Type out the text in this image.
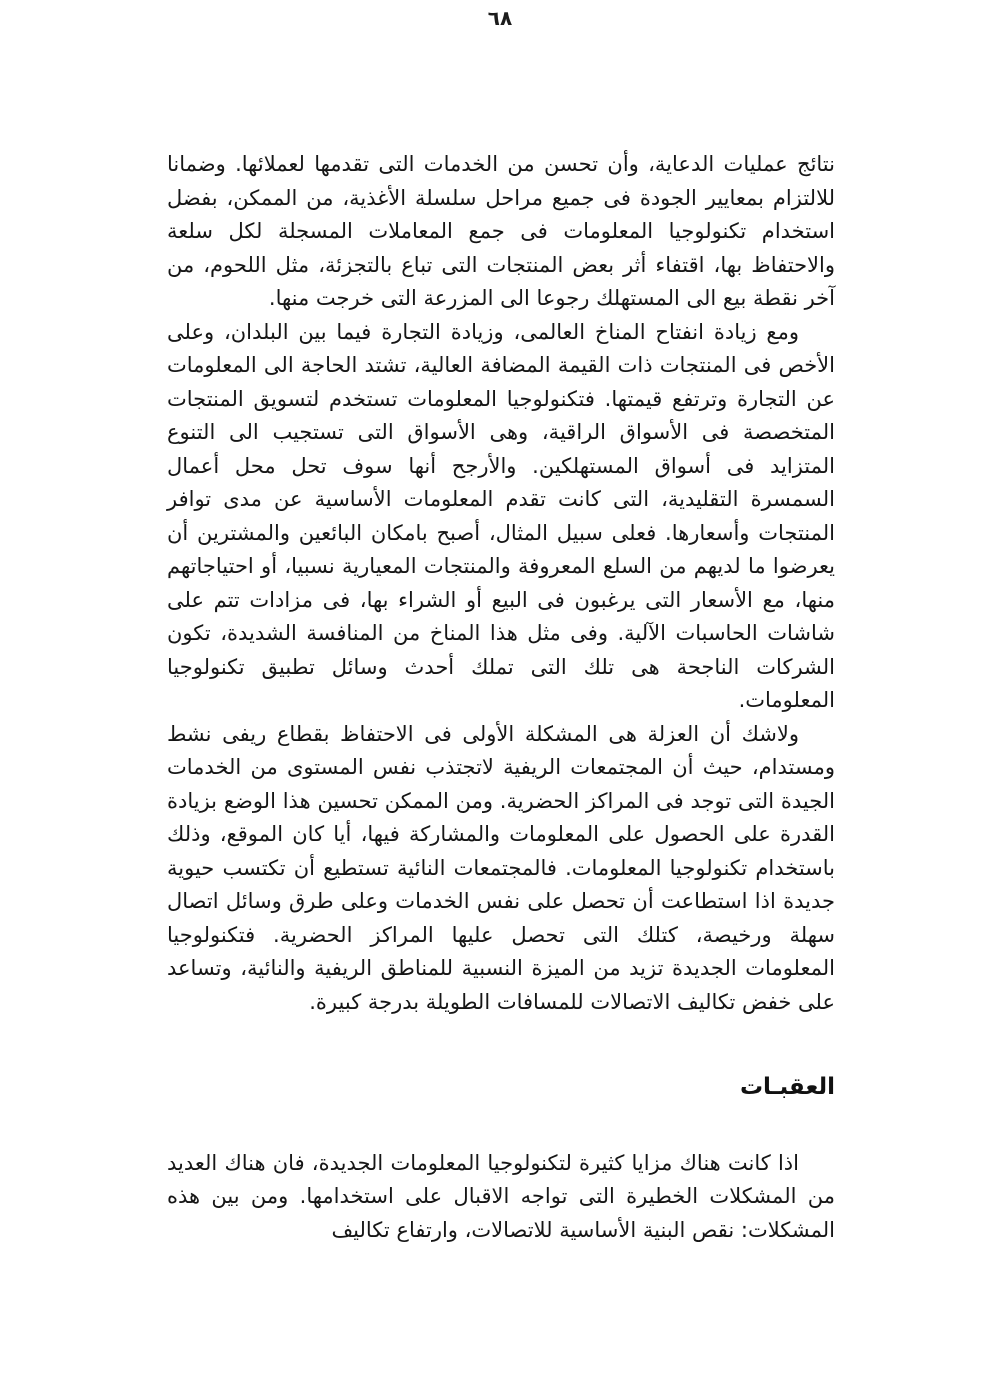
٦٨

نتائج عمليات الدعاية، وأن تحسن من الخدمات التى تقدمها لعملائها. وضمانا للالتزام بمعايير الجودة فى جميع مراحل سلسلة الأغذية، من الممكن، بفضل استخدام تكنولوجيا المعلومات فى جمع المعاملات المسجلة لكل سلعة والاحتفاظ بها، اقتفاء أثر بعض المنتجات التى تباع بالتجزئة، مثل اللحوم، من آخر نقطة بيع الى المستهلك رجوعا الى المزرعة التى خرجت منها.

ومع زيادة انفتاح المناخ العالمى، وزيادة التجارة فيما بين البلدان، وعلى الأخص فى المنتجات ذات القيمة المضافة العالية، تشتد الحاجة الى المعلومات عن التجارة وترتفع قيمتها. فتكنولوجيا المعلومات تستخدم لتسويق المنتجات المتخصصة فى الأسواق الراقية، وهى الأسواق التى تستجيب الى التنوع المتزايد فى أسواق المستهلكين. والأرجح أنها سوف تحل محل أعمال السمسرة التقليدية، التى كانت تقدم المعلومات الأساسية عن مدى توافر المنتجات وأسعارها. فعلى سبيل المثال، أصبح بامكان البائعين والمشترين أن يعرضوا ما لديهم من السلع المعروفة والمنتجات المعيارية نسبيا، أو احتياجاتهم منها، مع الأسعار التى يرغبون فى البيع أو الشراء بها، فى مزادات تتم على شاشات الحاسبات الآلية. وفى مثل هذا المناخ من المنافسة الشديدة، تكون الشركات الناجحة هى تلك التى تملك أحدث وسائل تطبيق تكنولوجيا المعلومات.

ولاشك أن العزلة هى المشكلة الأولى فى الاحتفاظ بقطاع ريفى نشط ومستدام، حيث أن المجتمعات الريفية لاتجتذب نفس المستوى من الخدمات الجيدة التى توجد فى المراكز الحضرية. ومن الممكن تحسين هذا الوضع بزيادة القدرة على الحصول على المعلومات والمشاركة فيها، أيا كان الموقع، وذلك باستخدام تكنولوجيا المعلومات. فالمجتمعات النائية تستطيع أن تكتسب حيوية جديدة اذا استطاعت أن تحصل على نفس الخدمات وعلى طرق وسائل اتصال سهلة ورخيصة، كتلك التى تحصل عليها المراكز الحضرية. فتكنولوجيا المعلومات الجديدة تزيد من الميزة النسبية للمناطق الريفية والنائية، وتساعد على خفض تكاليف الاتصالات للمسافات الطويلة بدرجة كبيرة.

العقبـات

اذا كانت هناك مزايا كثيرة لتكنولوجيا المعلومات الجديدة، فان هناك العديد من المشكلات الخطيرة التى تواجه الاقبال على استخدامها. ومن بين هذه المشكلات: نقص البنية الأساسية للاتصالات، وارتفاع تكاليف
